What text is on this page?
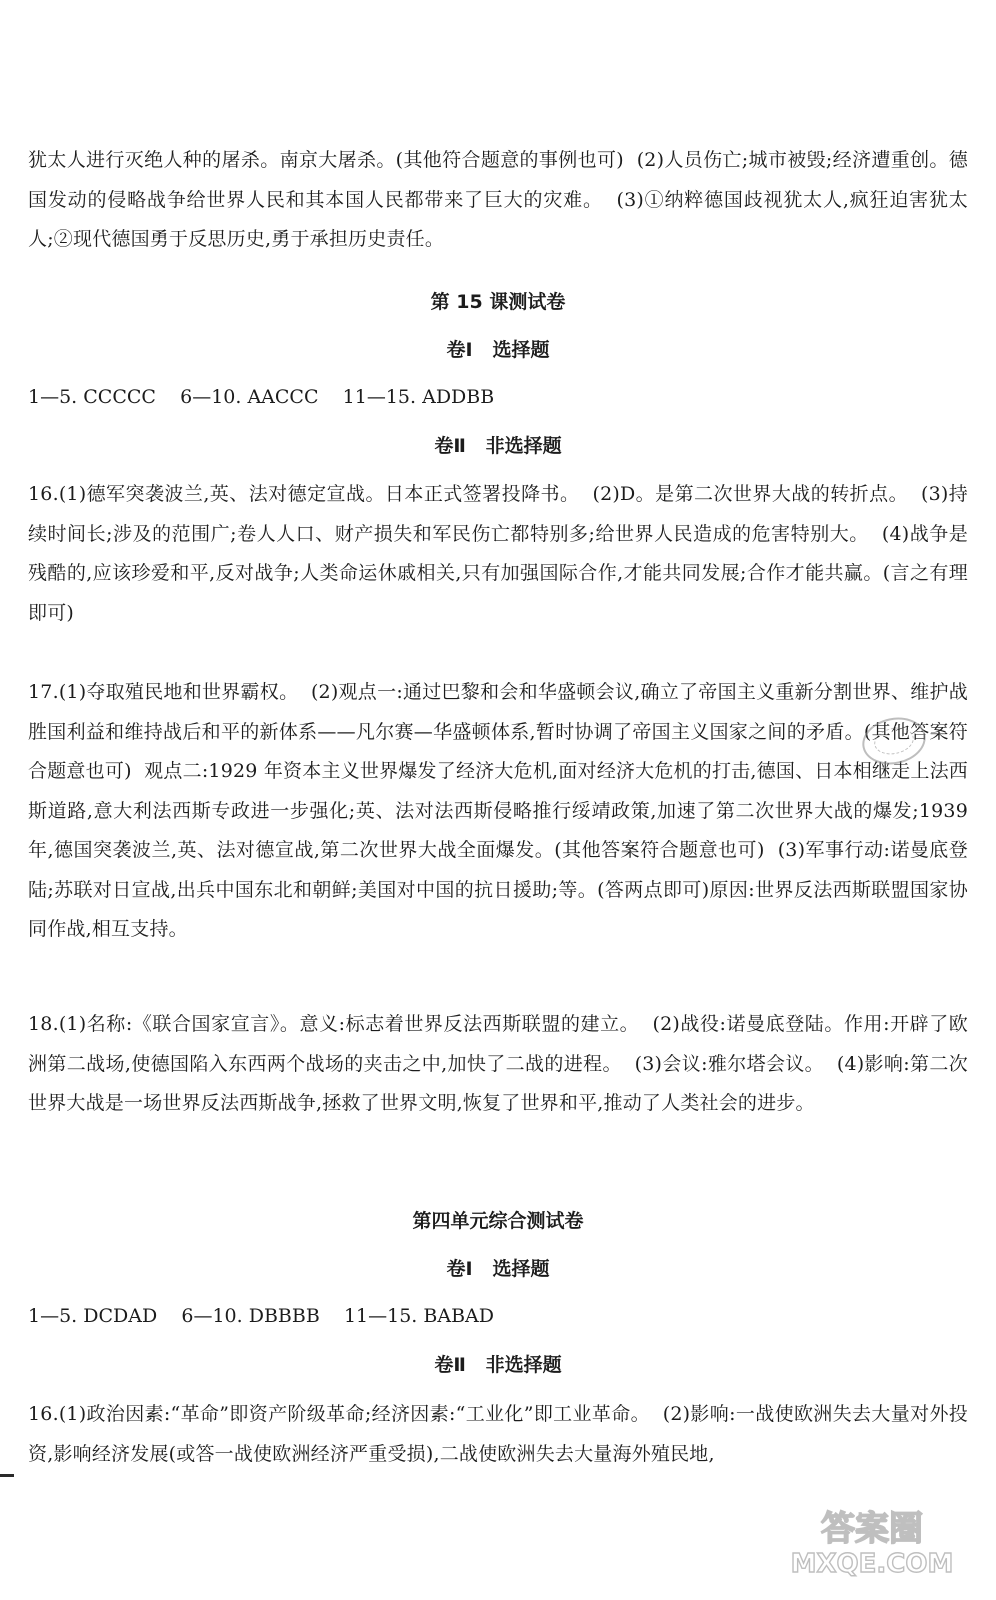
犹太人进行灭绝人种的屠杀。南京大屠杀。(其他符合题意的事例也可)  (2)人员伤亡;城市被毁;经济遭重创。德国发动的侵略战争给世界人民和其本国人民都带来了巨大的灾难。  (3)①纳粹德国歧视犹太人,疯狂迫害犹太人;②现代德国勇于反思历史,勇于承担历史责任。

第 15 课测试卷
卷Ⅰ   选择题

1—5. CCCCC    6—10. AACCC    11—15. ADDBB

卷Ⅱ   非选择题

16.(1)德军突袭波兰,英、法对德定宣战。日本正式签署投降书。  (2)D。是第二次世界大战的转折点。  (3)持续时间长;涉及的范围广;卷人人口、财产损失和军民伤亡都特别多;给世界人民造成的危害特别大。  (4)战争是残酷的,应该珍爱和平,反对战争;人类命运休戚相关,只有加强国际合作,才能共同发展;合作才能共赢。(言之有理即可)

17.(1)夺取殖民地和世界霸权。  (2)观点一:通过巴黎和会和华盛顿会议,确立了帝国主义重新分割世界、维护战胜国利益和维持战后和平的新体系——凡尔赛—华盛顿体系,暂时协调了帝国主义国家之间的矛盾。(其他答案符合题意也可)  观点二:1929 年资本主义世界爆发了经济大危机,面对经济大危机的打击,德国、日本相继走上法西斯道路,意大利法西斯专政进一步强化;英、法对法西斯侵略推行绥靖政策,加速了第二次世界大战的爆发;1939 年,德国突袭波兰,英、法对德宣战,第二次世界大战全面爆发。(其他答案符合题意也可)  (3)军事行动:诺曼底登陆;苏联对日宣战,出兵中国东北和朝鲜;美国对中国的抗日援助;等。(答两点即可)原因:世界反法西斯联盟国家协同作战,相互支持。

18.(1)名称:《联合国家宣言》。意义:标志着世界反法西斯联盟的建立。  (2)战役:诺曼底登陆。作用:开辟了欧洲第二战场,使德国陷入东西两个战场的夹击之中,加快了二战的进程。  (3)会议:雅尔塔会议。  (4)影响:第二次世界大战是一场世界反法西斯战争,拯救了世界文明,恢复了世界和平,推动了人类社会的进步。

第四单元综合测试卷
卷Ⅰ   选择题

1—5. DCDAD    6—10. DBBBB    11—15. BABAD

卷Ⅱ   非选择题

16.(1)政治因素:“革命”即资产阶级革命;经济因素:“工业化”即工业革命。  (2)影响:一战使欧洲失去大量对外投资,影响经济发展(或答一战使欧洲经济严重受损),二战使欧洲失去大量海外殖民地,

答案圈
MXQE.COM
